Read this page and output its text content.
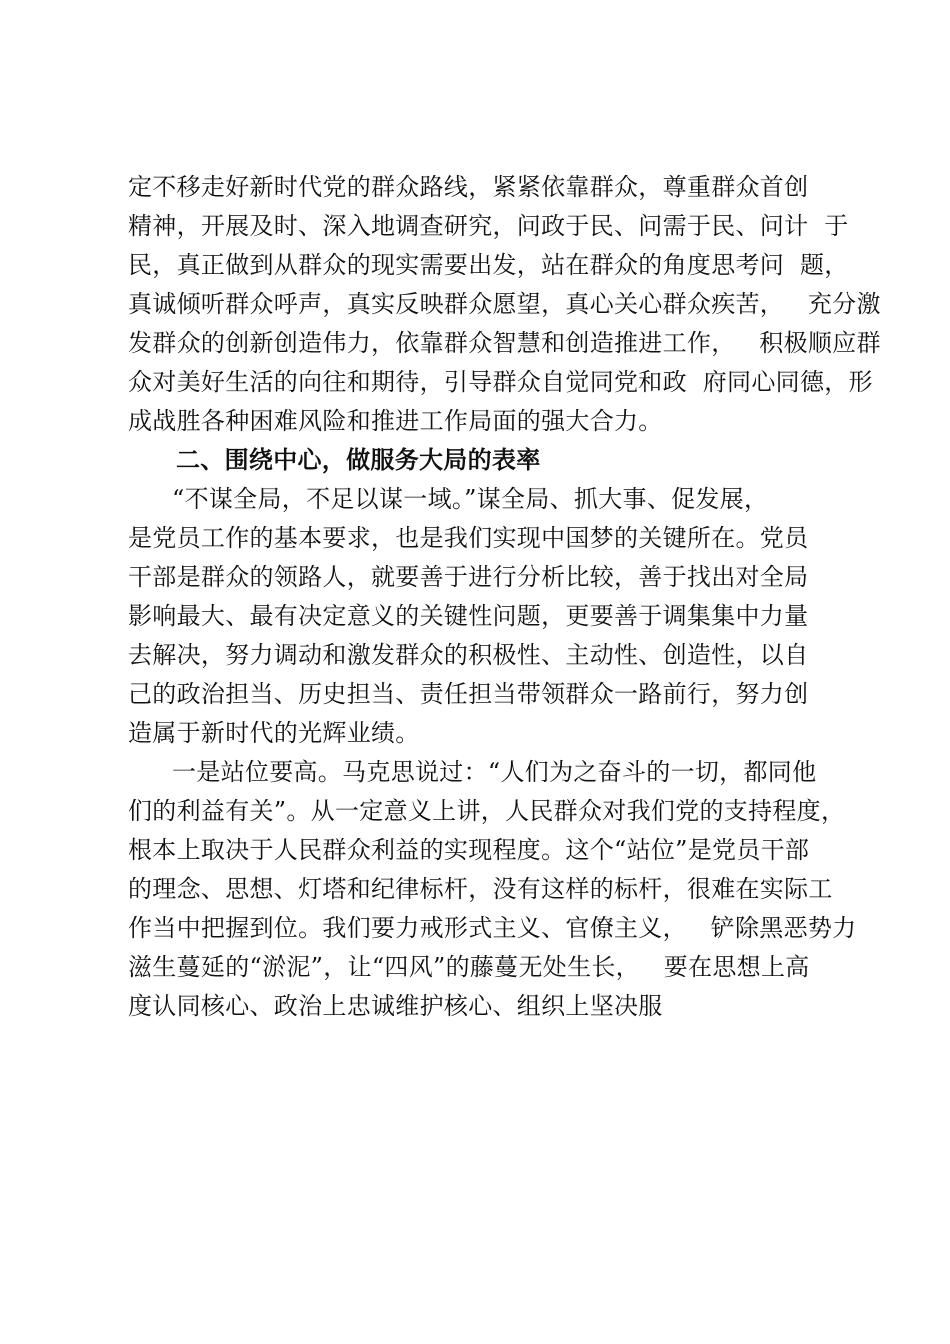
定不移走好新时代党的群众路线，紧紧依靠群众，尊重群众首创
精神，开展及时、深入地调查研究，问政于民、问需于民、问计  于
民，真正做到从群众的现实需要出发，站在群众的角度思考问  题，
真诚倾听群众呼声，真实反映群众愿望，真心关心群众疾苦，   充分激
发群众的创新创造伟力，依靠群众智慧和创造推进工作，   积极顺应群
众对美好生活的向往和期待，引导群众自觉同党和政  府同心同德，形
成战胜各种困难风险和推进工作局面的强大合力。
二、围绕中心，做服务大局的表率
“不谋全局，不足以谋一域。”谋全局、抓大事、促发展，
是党员工作的基本要求，也是我们实现中国梦的关键所在。党员
干部是群众的领路人，就要善于进行分析比较，善于找出对全局
影响最大、最有决定意义的关键性问题，更要善于调集集中力量
去解决，努力调动和激发群众的积极性、主动性、创造性，以自
己的政治担当、历史担当、责任担当带领群众一路前行，努力创
造属于新时代的光辉业绩。
一是站位要高。马克思说过：“人们为之奋斗的一切，都同他
们的利益有关”。从一定意义上讲，人民群众对我们党的支持程度，
根本上取决于人民群众利益的实现程度。这个“站位”是党员干部
的理念、思想、灯塔和纪律标杆，没有这样的标杆，很难在实际工
作当中把握到位。我们要力戒形式主义、官僚主义，   铲除黑恶势力
滋生蔓延的“淤泥”，让“四风”的藤蔓无处生长，   要在思想上高
度认同核心、政治上忠诚维护核心、组织上坚决服
